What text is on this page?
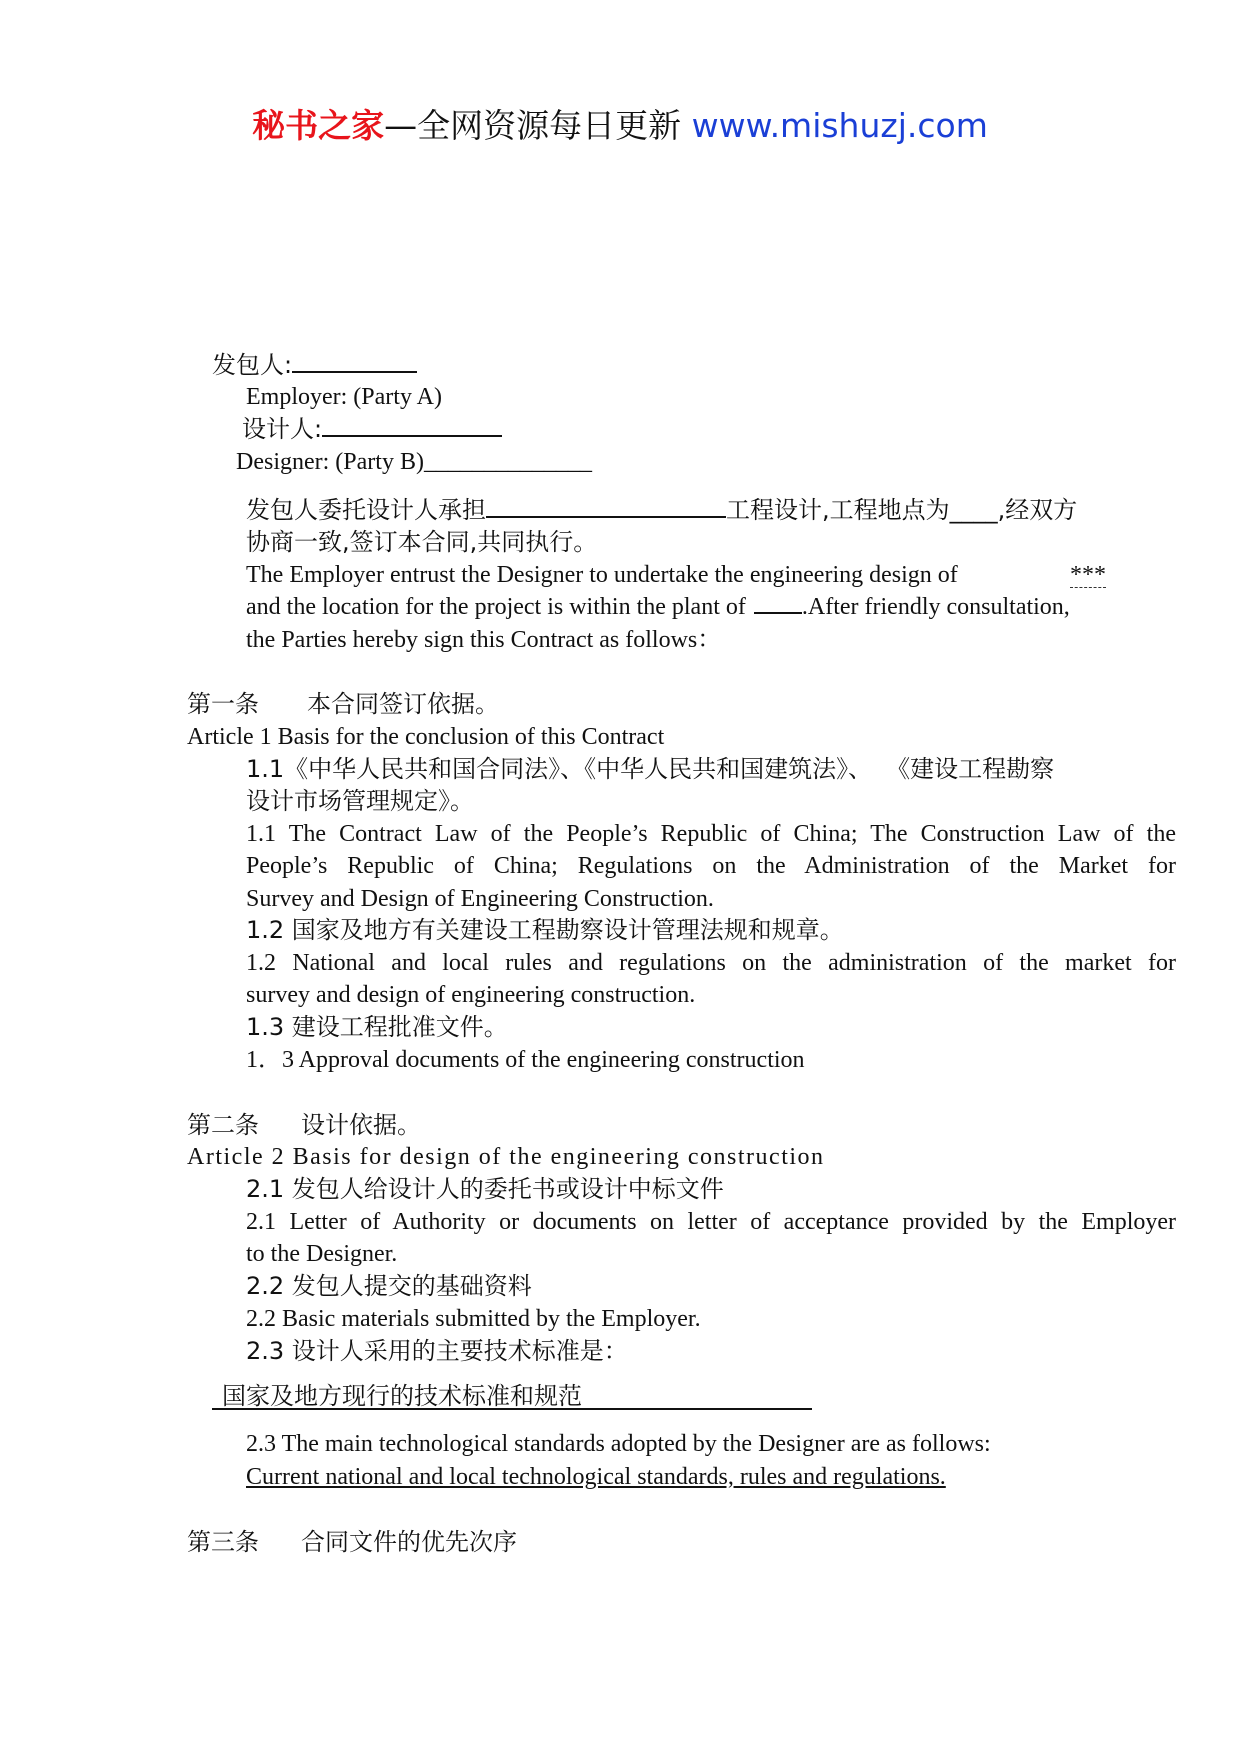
秘书之家—全网资源每日更新 www.mishuzj.com
发包人:
Employer: (Party A)
设计人:
Designer: (Party B)______________
发包人委托设计人承担	工程设计,工程地点为____,经双方
协商一致,签订本合同,共同执行。
The Employer entrust the Designer to undertake the engineering design of	***
and the location for the project is within the plant of .After friendly consultation,
the Parties hereby sign this Contract as follows：
第一条 本合同签订依据。
Article 1 Basis for the conclusion of this Contract
1.1《中华人民共和国合同法》、《中华人民共和国建筑法》、 《建设工程勘察
设计市场管理规定》。
1.1 The Contract Law of the People’s Republic of China; The Construction Law of the
People’s Republic of China; Regulations on the Administration of the Market for
Survey and Design of Engineering Construction.
1.2 国家及地方有关建设工程勘察设计管理法规和规章。
1.2 National and local rules and regulations on the administration of the market for
survey and design of engineering construction.
1.3 建设工程批准文件。
1．3 Approval documents of the engineering construction
第二条 设计依据。
Article 2 Basis for design of the engineering construction
2.1 发包人给设计人的委托书或设计中标文件
2.1 Letter of Authority or documents on letter of acceptance provided by the Employer
to the Designer.
2.2 发包人提交的基础资料
2.2 Basic materials submitted by the Employer.
2.3 设计人采用的主要技术标准是：
国家及地方现行的技术标准和规范
2.3 The main technological standards adopted by the Designer are as follows:
Current national and local technological standards, rules and regulations.
第三条 合同文件的优先次序
